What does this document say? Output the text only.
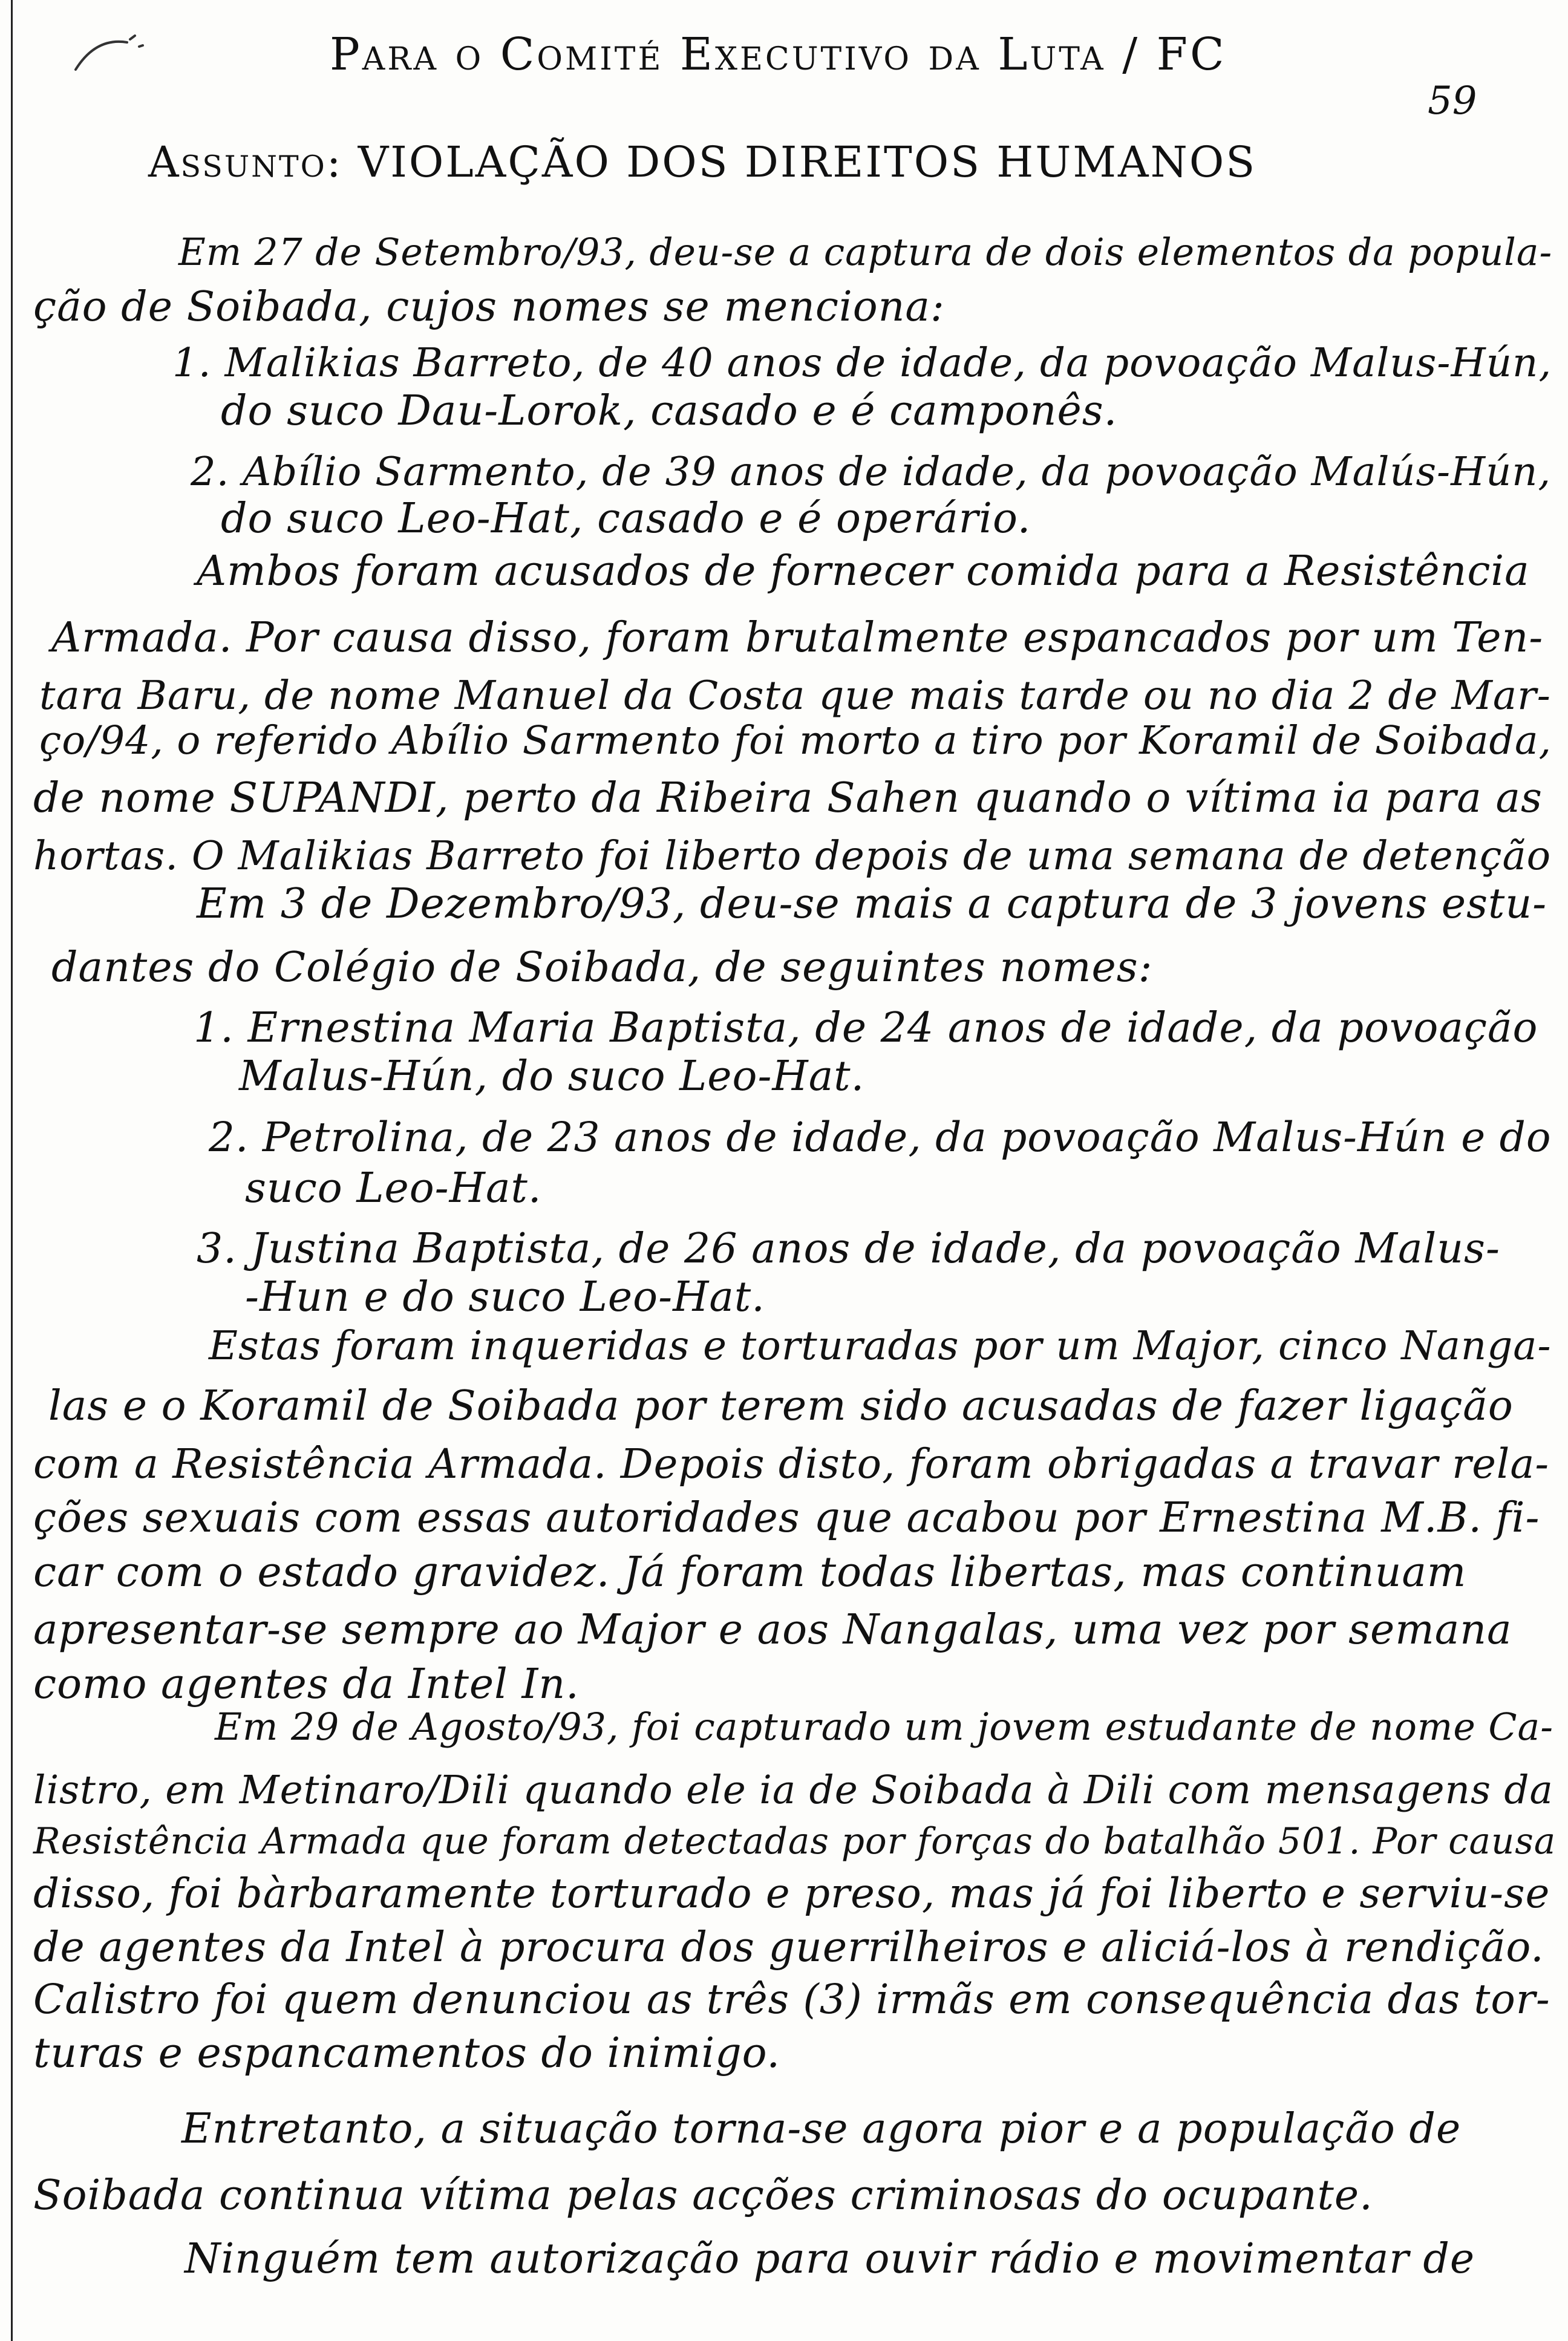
Para o Comité Executivo da Luta / FC
59
Assunto: VIOLAÇÃO DOS DIREITOS HUMANOS
Em 27 de Setembro/93, deu-se a captura de dois elementos da popula-
ção de Soibada, cujos nomes se menciona:
1. Malikias Barreto, de 40 anos de idade, da povoação Malus-Hún,
do suco Dau-Lorok, casado e é camponês.
2. Abílio Sarmento, de 39 anos de idade, da povoação Malús-Hún,
do suco Leo-Hat, casado e é operário.
Ambos foram acusados de fornecer comida para a Resistência
Armada. Por causa disso, foram brutalmente espancados por um Ten-
tara Baru, de nome Manuel da Costa que mais tarde ou no dia 2 de Mar-
ço/94, o referido Abílio Sarmento foi morto a tiro por Koramil de Soibada,
de nome SUPANDI, perto da Ribeira Sahen quando o vítima ia para as
hortas. O Malikias Barreto foi liberto depois de uma semana de detenção
Em 3 de Dezembro/93, deu-se mais a captura de 3 jovens estu-
dantes do Colégio de Soibada, de seguintes nomes:
1. Ernestina Maria Baptista, de 24 anos de idade, da povoação
Malus-Hún, do suco Leo-Hat.
2. Petrolina, de 23 anos de idade, da povoação Malus-Hún e do
suco Leo-Hat.
3. Justina Baptista, de 26 anos de idade, da povoação Malus-
-Hun e do suco Leo-Hat.
Estas foram inqueridas e torturadas por um Major, cinco Nanga-
las e o Koramil de Soibada por terem sido acusadas de fazer ligação
com a Resistência Armada. Depois disto, foram obrigadas a travar rela-
ções sexuais com essas autoridades que acabou por Ernestina M.B. fi-
car com o estado gravidez. Já foram todas libertas, mas continuam
apresentar-se sempre ao Major e aos Nangalas, uma vez por semana
como agentes da Intel In.
Em 29 de Agosto/93, foi capturado um jovem estudante de nome Ca-
listro, em Metinaro/Dili quando ele ia de Soibada à Dili com mensagens da
Resistência Armada que foram detectadas por forças do batalhão 501. Por causa
disso, foi bàrbaramente torturado e preso, mas já foi liberto e serviu-se
de agentes da Intel à procura dos guerrilheiros e aliciá-los à rendição.
Calistro foi quem denunciou as três (3) irmãs em consequência das tor-
turas e espancamentos do inimigo.
Entretanto, a situação torna-se agora pior e a população de
Soibada continua vítima pelas acções criminosas do ocupante.
Ninguém tem autorização para ouvir rádio e movimentar de
